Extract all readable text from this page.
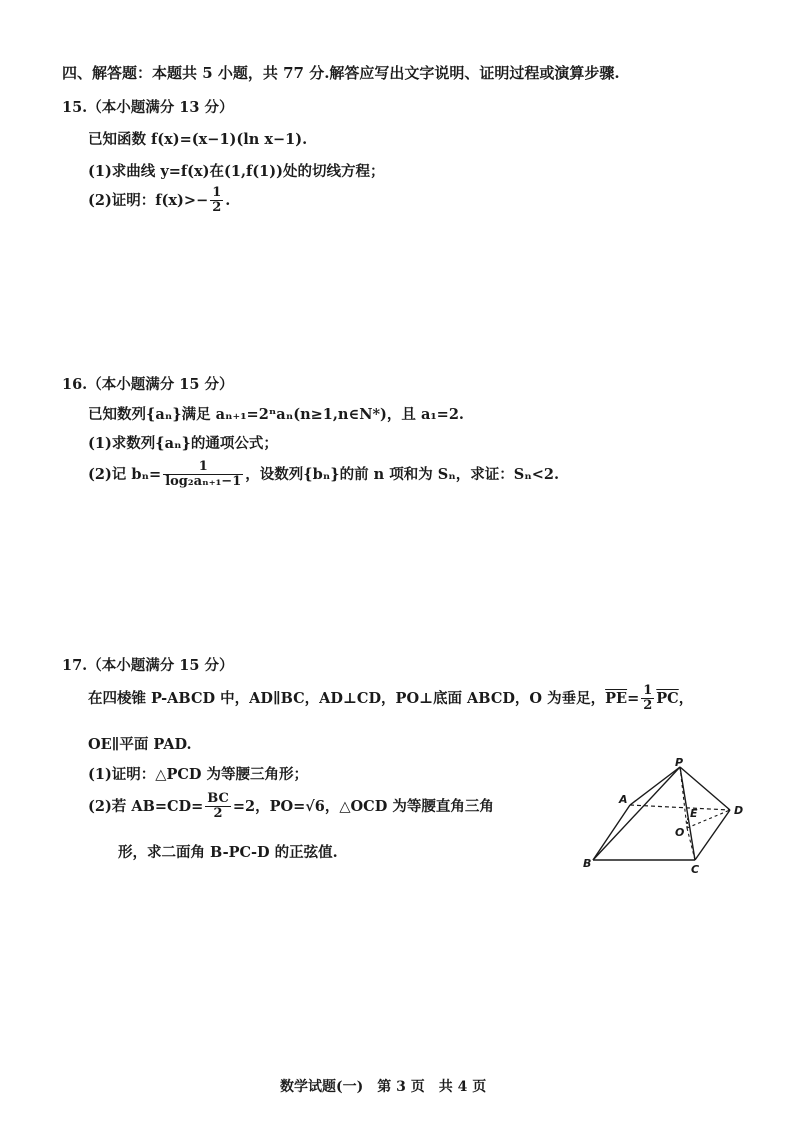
四、解答题：本题共 5 小题，共 77 分.解答应写出文字说明、证明过程或演算步骤.
15.（本小题满分 13 分）
已知函数 f(x)=(x−1)(ln x−1).
(1)求曲线 y=f(x)在(1,f(1))处的切线方程；
(2)证明：$f(x)>- \frac{1}{2}$ .
16.（本小题满分 15 分）
已知数列{aₙ}满足 aₙ₊₁=2ⁿaₙ(n≥1,n∈N*)，且 a₁=2.
(1)求数列{aₙ}的通项公式；
(2)记 $b_n= \frac{1}{\text{log₂aₙ₊₁−1}}$ ，设数列{bₙ}的前 n 项和为 Sₙ，求证：Sₙ<2.
17.（本小题满分 15 分）
在四棱锥 P-ABCD 中，AD∥BC，AD⊥CD，PO⊥底面 ABCD，O 为垂足，$\overline{PE}= \frac{1}{2} \overline{PC}$，
OE∥平面 PAD.
(1)证明：△PCD 为等腰三角形；
(2)若 $AB=CD= \frac{BC}{2} =2$，PO=√6，△OCD 为等腰直角三角
形，求二面角 B-PC-D 的正弦值.
P
A
B	C
D
E
O
数学试题(一)　第 3 页　共 4 页
